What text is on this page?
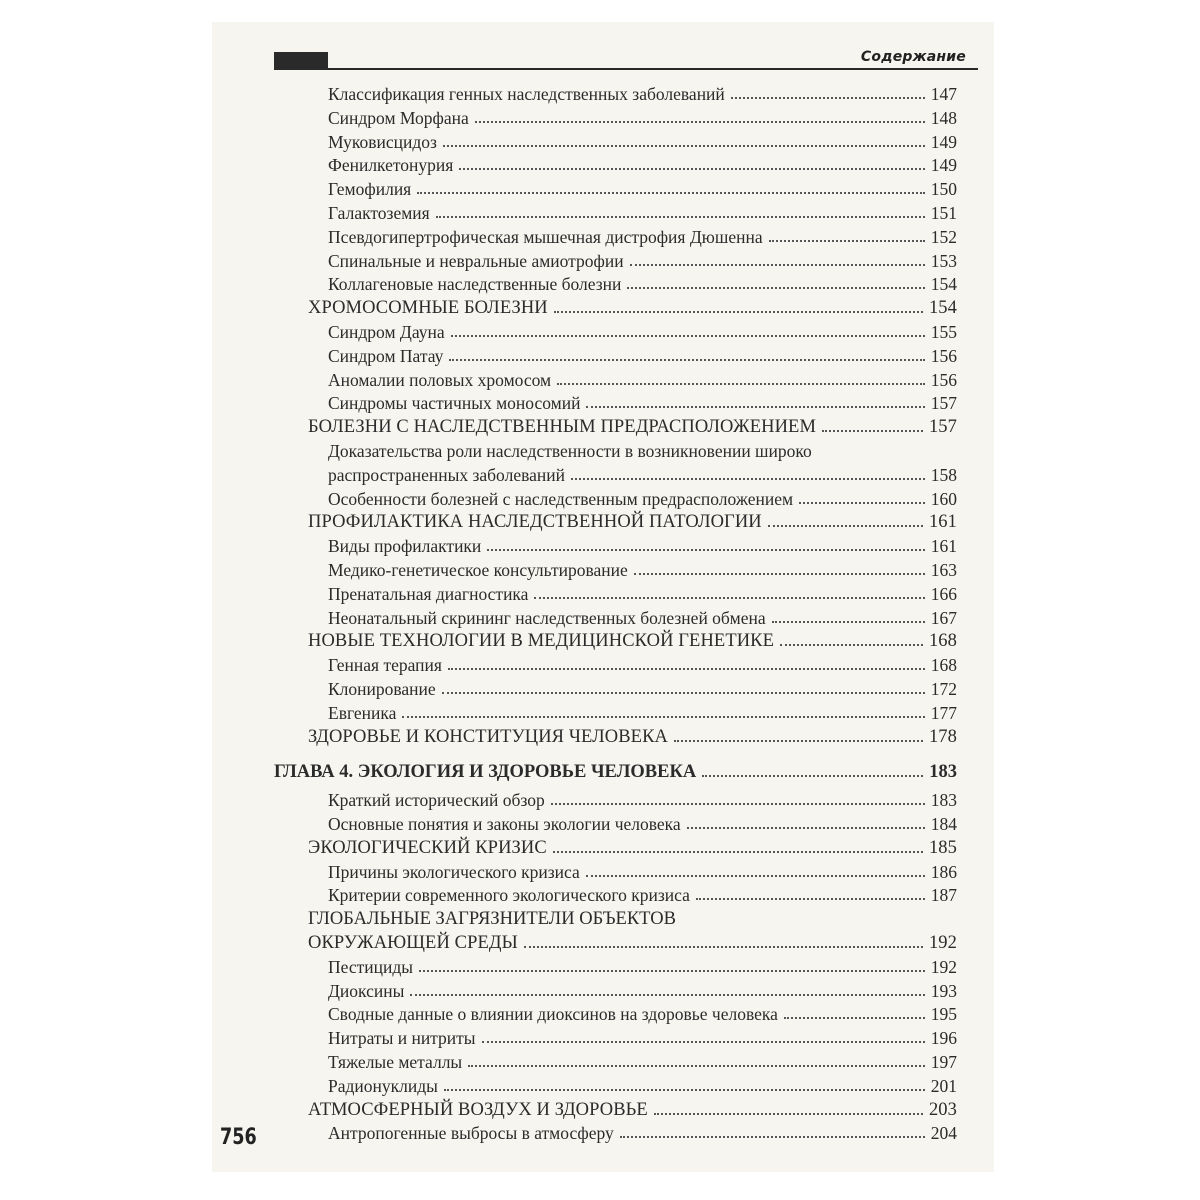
Содержание
Классификация генных наследственных заболеваний	147
Синдром Морфана	148
Муковисцидоз	149
Фенилкетонурия	149
Гемофилия	150
Галактоземия	151
Псевдогипертрофическая мышечная дистрофия Дюшенна	152
Спинальные и невральные амиотрофии	153
Коллагеновые наследственные болезни	154
ХРОМОСОМНЫЕ БОЛЕЗНИ	154
Синдром Дауна	155
Синдром Патау	156
Аномалии половых хромосом	156
Синдромы частичных моносомий	157
БОЛЕЗНИ С НАСЛЕДСТВЕННЫМ ПРЕДРАСПОЛОЖЕНИЕМ	157
Доказательства роли наследственности в возникновении широко
распространенных заболеваний	158
Особенности болезней с наследственным предрасположением	160
ПРОФИЛАКТИКА НАСЛЕДСТВЕННОЙ ПАТОЛОГИИ	161
Виды профилактики	161
Медико-генетическое консультирование	163
Пренатальная диагностика	166
Неонатальный скрининг наследственных болезней обмена	167
НОВЫЕ ТЕХНОЛОГИИ В МЕДИЦИНСКОЙ ГЕНЕТИКЕ	168
Генная терапия	168
Клонирование	172
Евгеника	177
ЗДОРОВЬЕ И КОНСТИТУЦИЯ ЧЕЛОВЕКА	178
ГЛАВА 4. ЭКОЛОГИЯ И ЗДОРОВЬЕ ЧЕЛОВЕКА	183
Краткий исторический обзор	183
Основные понятия и законы экологии человека	184
ЭКОЛОГИЧЕСКИЙ КРИЗИС	185
Причины экологического кризиса	186
Критерии современного экологического кризиса	187
ГЛОБАЛЬНЫЕ ЗАГРЯЗНИТЕЛИ ОБЪЕКТОВ
ОКРУЖАЮЩЕЙ СРЕДЫ	192
Пестициды	192
Диоксины	193
Сводные данные о влиянии диоксинов на здоровье человека	195
Нитраты и нитриты	196
Тяжелые металлы	197
Радионуклиды	201
АТМОСФЕРНЫЙ ВОЗДУХ И ЗДОРОВЬЕ	203
Антропогенные выбросы в атмосферу	204
756
